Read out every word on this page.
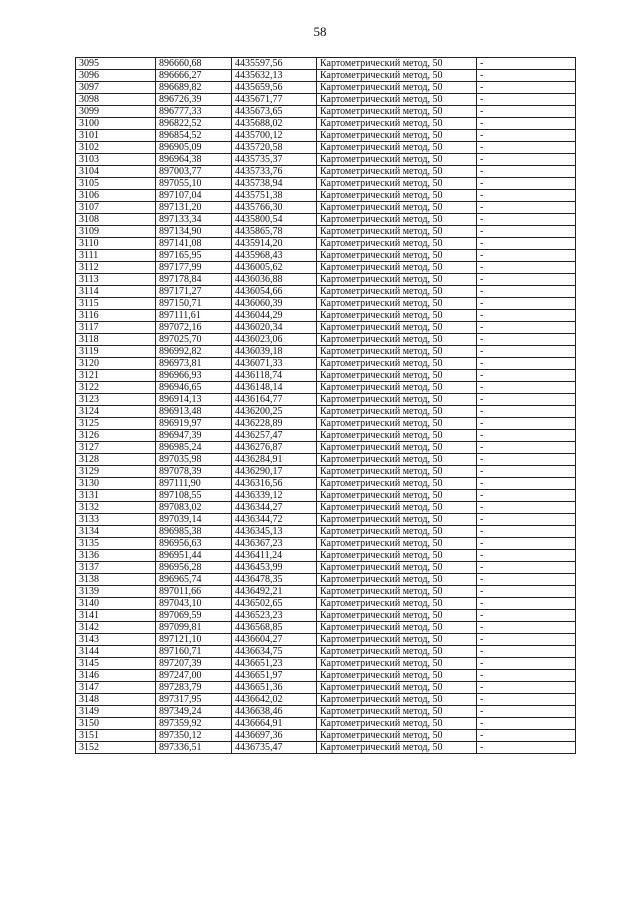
58
3095	896660,68	4435597,56	Картометрический метод, 50	-
3096	896666,27	4435632,13	Картометрический метод, 50	-
3097	896689,82	4435659,56	Картометрический метод, 50	-
3098	896726,39	4435671,77	Картометрический метод, 50	-
3099	896777,33	4435673,65	Картометрический метод, 50	-
3100	896822,52	4435688,02	Картометрический метод, 50	-
3101	896854,52	4435700,12	Картометрический метод, 50	-
3102	896905,09	4435720,58	Картометрический метод, 50	-
3103	896964,38	4435735,37	Картометрический метод, 50	-
3104	897003,77	4435733,76	Картометрический метод, 50	-
3105	897055,10	4435738,94	Картометрический метод, 50	-
3106	897107,04	4435751,38	Картометрический метод, 50	-
3107	897131,20	4435766,30	Картометрический метод, 50	-
3108	897133,34	4435800,54	Картометрический метод, 50	-
3109	897134,90	4435865,78	Картометрический метод, 50	-
3110	897141,08	4435914,20	Картометрический метод, 50	-
3111	897165,95	4435968,43	Картометрический метод, 50	-
3112	897177,99	4436005,62	Картометрический метод, 50	-
3113	897178,84	4436036,88	Картометрический метод, 50	-
3114	897171,27	4436054,66	Картометрический метод, 50	-
3115	897150,71	4436060,39	Картометрический метод, 50	-
3116	897111,61	4436044,29	Картометрический метод, 50	-
3117	897072,16	4436020,34	Картометрический метод, 50	-
3118	897025,70	4436023,06	Картометрический метод, 50	-
3119	896992,82	4436039,18	Картометрический метод, 50	-
3120	896973,81	4436071,33	Картометрический метод, 50	-
3121	896966,93	4436118,74	Картометрический метод, 50	-
3122	896946,65	4436148,14	Картометрический метод, 50	-
3123	896914,13	4436164,77	Картометрический метод, 50	-
3124	896913,48	4436200,25	Картометрический метод, 50	-
3125	896919,97	4436228,89	Картометрический метод, 50	-
3126	896947,39	4436257,47	Картометрический метод, 50	-
3127	896985,24	4436276,87	Картометрический метод, 50	-
3128	897035,98	4436284,91	Картометрический метод, 50	-
3129	897078,39	4436290,17	Картометрический метод, 50	-
3130	897111,90	4436316,56	Картометрический метод, 50	-
3131	897108,55	4436339,12	Картометрический метод, 50	-
3132	897083,02	4436344,27	Картометрический метод, 50	-
3133	897039,14	4436344,72	Картометрический метод, 50	-
3134	896985,38	4436345,13	Картометрический метод, 50	-
3135	896956,63	4436367,23	Картометрический метод, 50	-
3136	896951,44	4436411,24	Картометрический метод, 50	-
3137	896956,28	4436453,99	Картометрический метод, 50	-
3138	896965,74	4436478,35	Картометрический метод, 50	-
3139	897011,66	4436492,21	Картометрический метод, 50	-
3140	897043,10	4436502,65	Картометрический метод, 50	-
3141	897069,59	4436523,23	Картометрический метод, 50	-
3142	897099,81	4436568,85	Картометрический метод, 50	-
3143	897121,10	4436604,27	Картометрический метод, 50	-
3144	897160,71	4436634,75	Картометрический метод, 50	-
3145	897207,39	4436651,23	Картометрический метод, 50	-
3146	897247,00	4436651,97	Картометрический метод, 50	-
3147	897283,79	4436651,36	Картометрический метод, 50	-
3148	897317,95	4436642,02	Картометрический метод, 50	-
3149	897349,24	4436638,46	Картометрический метод, 50	-
3150	897359,92	4436664,91	Картометрический метод, 50	-
3151	897350,12	4436697,36	Картометрический метод, 50	-
3152	897336,51	4436735,47	Картометрический метод, 50	-
